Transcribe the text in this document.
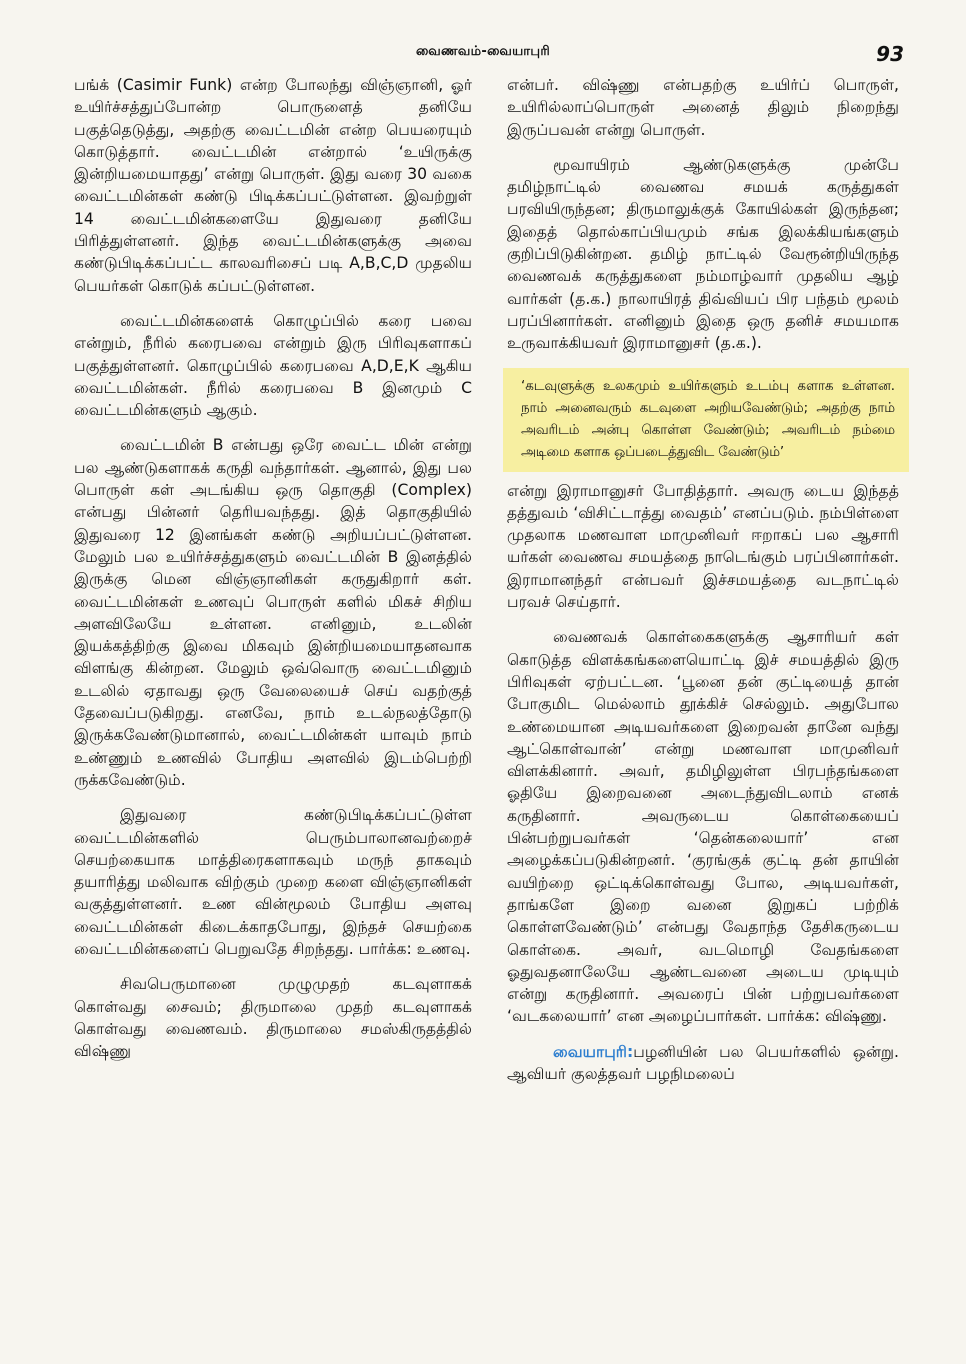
வைணவம்-வையாபுரி	93

பங்க் (Casimir Funk) என்ற போலந்து விஞ்ஞானி, ஓர் உயிர்ச்சத்துப்போன்ற பொருளைத் தனியே பகுத்தெடுத்து, அதற்கு வைட்டமின் என்ற பெயரையும் கொடுத்தார். வைட்டமின் என்றால் ‘உயிருக்கு இன்றியமையாதது’ என்று பொருள். இது வரை 30 வகை வைட்டமின்கள் கண்டு பிடிக்கப்பட்டுள்ளன. இவற்றுள் 14 வைட்டமின்களையே இதுவரை தனியே பிரித்துள்ளனர். இந்த வைட்டமின்களுக்கு அவை கண்டுபிடிக்கப்பட்ட காலவரிசைப் படி A,B,C,D முதலிய பெயர்கள் கொடுக் கப்பட்டுள்ளன.

வைட்டமின்களைக் கொழுப்பில் கரை பவை என்றும், நீரில் கரைபவை என்றும் இரு பிரிவுகளாகப் பகுத்துள்ளனர். கொழுப்பில் கரைபவை A,D,E,K ஆகிய வைட்டமின்கள். நீரில் கரைபவை B இனமும் C வைட்டமின்களும் ஆகும்.

வைட்டமின் B என்பது ஒரே வைட்ட மின் என்று பல ஆண்டுகளாகக் கருதி வந்தார்கள். ஆனால், இது பல பொருள் கள் அடங்கிய ஒரு தொகுதி (Complex) என்பது பின்னர் தெரியவந்தது. இத் தொகுதியில் இதுவரை 12 இனங்கள் கண்டு அறியப்பட்டுள்ளன. மேலும் பல உயிர்ச்சத்துகளும் வைட்டமின் B இனத்தில் இருக்கு மென விஞ்ஞானிகள் கருதுகிறார் கள். வைட்டமின்கள் உணவுப் பொருள் களில் மிகச் சிறிய அளவிலேயே உள்ளன. எனினும், உடலின் இயக்கத்திற்கு இவை மிகவும் இன்றியமையாதனவாக விளங்கு கின்றன. மேலும் ஒவ்வொரு வைட்டமினும் உடலில் ஏதாவது ஒரு வேலையைச் செய் வதற்குத் தேவைப்படுகிறது. எனவே, நாம் உடல்நலத்தோடு இருக்கவேண்டுமானால், வைட்டமின்கள் யாவும் நாம் உண்ணும் உணவில் போதிய அளவில் இடம்பெற்றி ருக்கவேண்டும்.

இதுவரை கண்டுபிடிக்கப்பட்டுள்ள வைட்டமின்களில் பெரும்பாலானவற்றைச் செயற்கையாக மாத்திரைகளாகவும் மருந் தாகவும் தயாரித்து மலிவாக விற்கும் முறை களை விஞ்ஞானிகள் வகுத்துள்ளனர். உண வின்மூலம் போதிய அளவு வைட்டமின்கள் கிடைக்காதபோது, இந்தச் செயற்கை வைட்டமின்களைப் பெறுவதே சிறந்தது. பார்க்க: உணவு.

சிவபெருமானை முழுமுதற் கடவுளாகக் கொள்வது சைவம்; திருமாலை முதற் கடவுளாகக் கொள்வது வைணவம். திருமாலை சமஸ்கிருதத்தில் விஷ்ணு

என்பர். விஷ்ணு என்பதற்கு உயிர்ப் பொருள், உயிரில்லாப்பொருள் அனைத் திலும் நிறைந்து இருப்பவன் என்று பொருள்.

மூவாயிரம் ஆண்டுகளுக்கு முன்பே தமிழ்நாட்டில் வைணவ சமயக் கருத்துகள் பரவியிருந்தன; திருமாலுக்குக் கோயில்கள் இருந்தன; இதைத் தொல்காப்பியமும் சங்க இலக்கியங்களும் குறிப்பிடுகின்றன. தமிழ் நாட்டில் வேரூன்றியிருந்த வைணவக் கருத்துகளை நம்மாழ்வார் முதலிய ஆழ் வார்கள் (த.க.) நாலாயிரத் திவ்வியப் பிர பந்தம் மூலம் பரப்பினார்கள். எனினும் இதை ஒரு தனிச் சமயமாக உருவாக்கியவர் இராமானுசர் (த.க.).

‘கடவுளுக்கு உலகமும் உயிர்களும் உடம்பு களாக உள்ளன. நாம் அனைவரும் கடவுளை அறியவேண்டும்; அதற்கு நாம் அவரிடம் அன்பு கொள்ள வேண்டும்; அவரிடம் நம்மை அடிமை களாக ஒப்படைத்துவிட வேண்டும்’

என்று இராமானுசர் போதித்தார். அவரு டைய இந்தத் தத்துவம் ‘விசிட்டாத்து வைதம்’ எனப்படும். நம்பிள்ளை முதலாக மணவாள மாமுனிவர் ஈறாகப் பல ஆசாரி யர்கள் வைணவ சமயத்தை நாடெங்கும் பரப்பினார்கள். இராமானந்தர் என்பவர் இச்சமயத்தை வடநாட்டில் பரவச் செய்தார்.

வைணவக் கொள்கைகளுக்கு ஆசாரியர் கள் கொடுத்த விளக்கங்களையொட்டி இச் சமயத்தில் இரு பிரிவுகள் ஏற்பட்டன. ‘பூனை தன் குட்டியைத் தான் போகுமிட மெல்லாம் தூக்கிச் செல்லும். அதுபோல உண்மையான அடியவர்களை இறைவன் தானே வந்து ஆட்கொள்வான்’ என்று மணவாள மாமுனிவர் விளக்கினார். அவர், தமிழிலுள்ள பிரபந்தங்களை ஓதியே இறைவனை அடைந்துவிடலாம் எனக் கருதினார். அவருடைய கொள்கையைப் பின்பற்றுபவர்கள் ‘தென்கலையார்’ என அழைக்கப்படுகின்றனர். ‘குரங்குக் குட்டி தன் தாயின் வயிற்றை ஒட்டிக்கொள்வது போல, அடியவர்கள், தாங்களே இறை வனை இறுகப் பற்றிக் கொள்ளவேண்டும்’ என்பது வேதாந்த தேசிகருடைய கொள்கை. அவர், வடமொழி வேதங்களை ஓதுவதனாலேயே ஆண்டவனை அடைய முடியும் என்று கருதினார். அவரைப் பின் பற்றுபவர்களை ‘வடகலையார்’ என அழைப்பார்கள். பார்க்க: விஷ்ணு.

வையாபுரி:பழனியின் பல பெயர்களில் ஒன்று. ஆவியர் குலத்தவர் பழநிமலைப்
